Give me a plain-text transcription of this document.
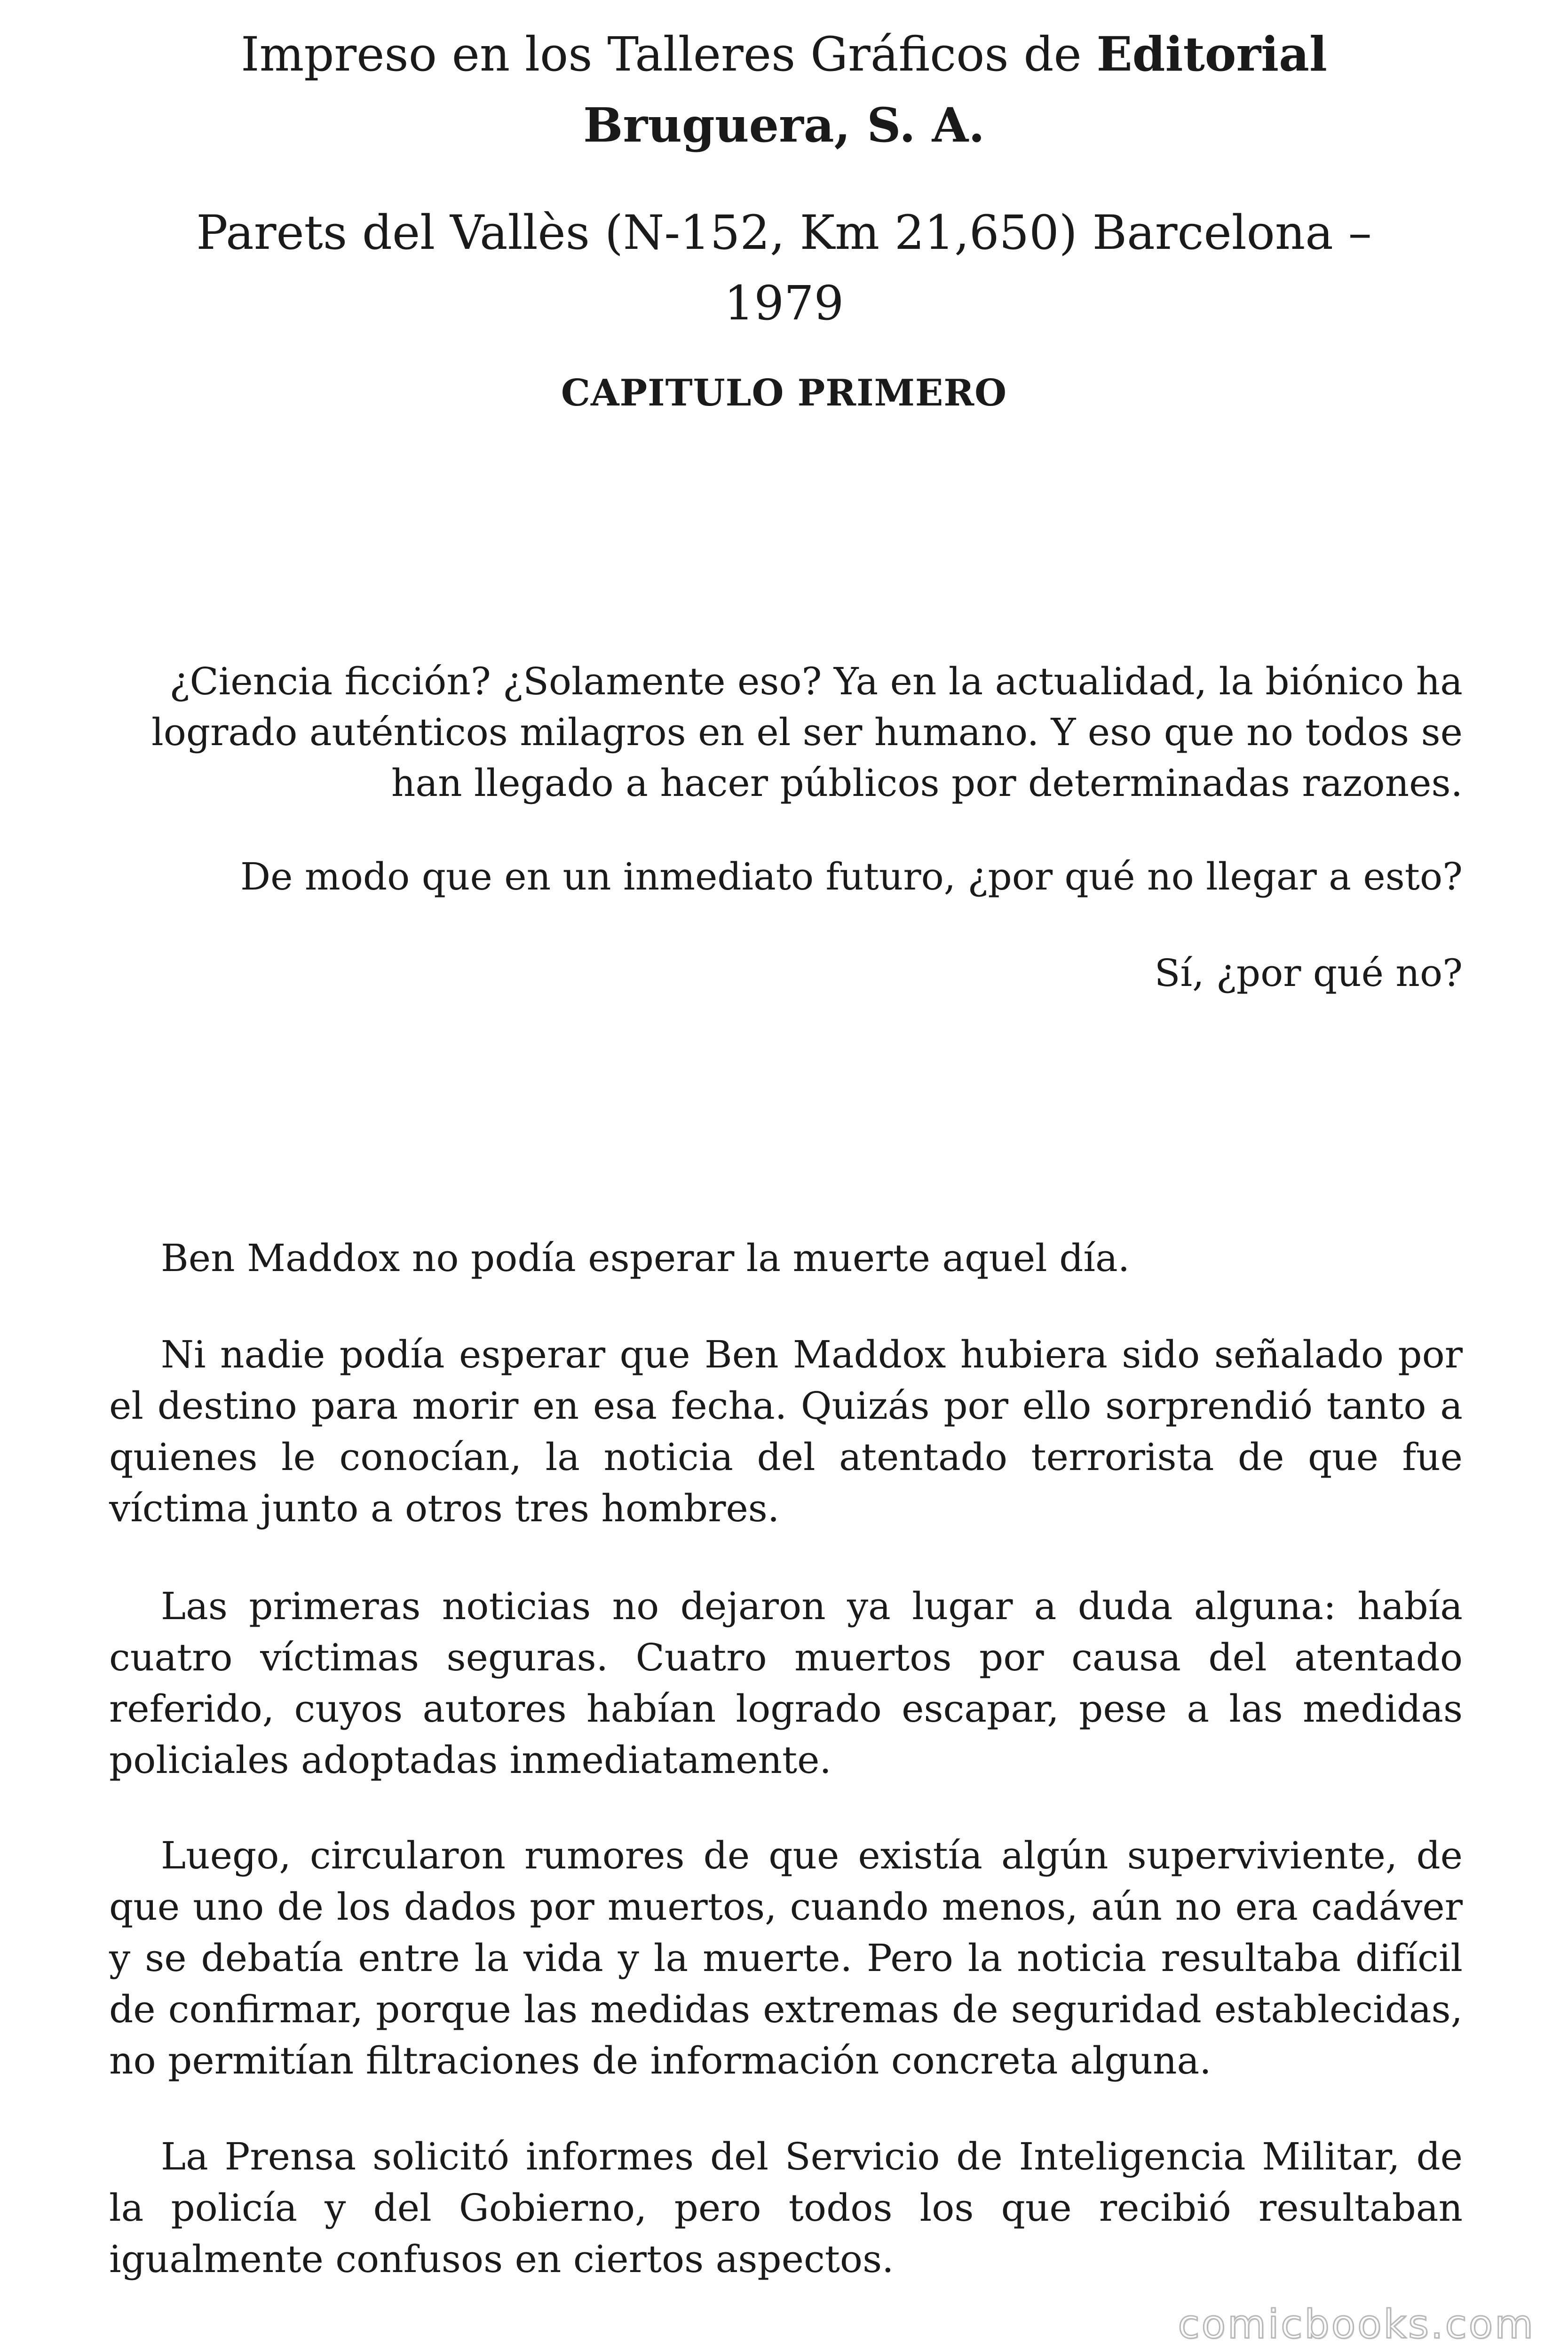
Impreso en los Talleres Gráficos de Editorial
Bruguera, S. A.

Parets del Vallès (N-152, Km 21,650) Barcelona – 1979

CAPITULO PRIMERO

¿Ciencia ficción? ¿Solamente eso? Ya en la actualidad, la biónico ha logrado auténticos milagros en el ser humano. Y eso que no todos se han llegado a hacer públicos por determinadas razones.

De modo que en un inmediato futuro, ¿por qué no llegar a esto?

Sí, ¿por qué no?

Ben Maddox no podía esperar la muerte aquel día.

Ni nadie podía esperar que Ben Maddox hubiera sido señalado por el destino para morir en esa fecha. Quizás por ello sorprendió tanto a quienes le conocían, la noticia del atentado terrorista de que fue víctima junto a otros tres hombres.

Las primeras noticias no dejaron ya lugar a duda alguna: había cuatro víctimas seguras. Cuatro muertos por causa del atentado referido, cuyos autores habían logrado escapar, pese a las medidas policiales adoptadas inmediatamente.

Luego, circularon rumores de que existía algún superviviente, de que uno de los dados por muertos, cuando menos, aún no era cadáver y se debatía entre la vida y la muerte. Pero la noticia resultaba difícil de confirmar, porque las medidas extremas de seguridad establecidas, no permitían filtraciones de información concreta alguna.

La Prensa solicitó informes del Servicio de Inteligencia Militar, de la policía y del Gobierno, pero todos los que recibió resultaban igualmente confusos en ciertos aspectos.

comicbooks.com
